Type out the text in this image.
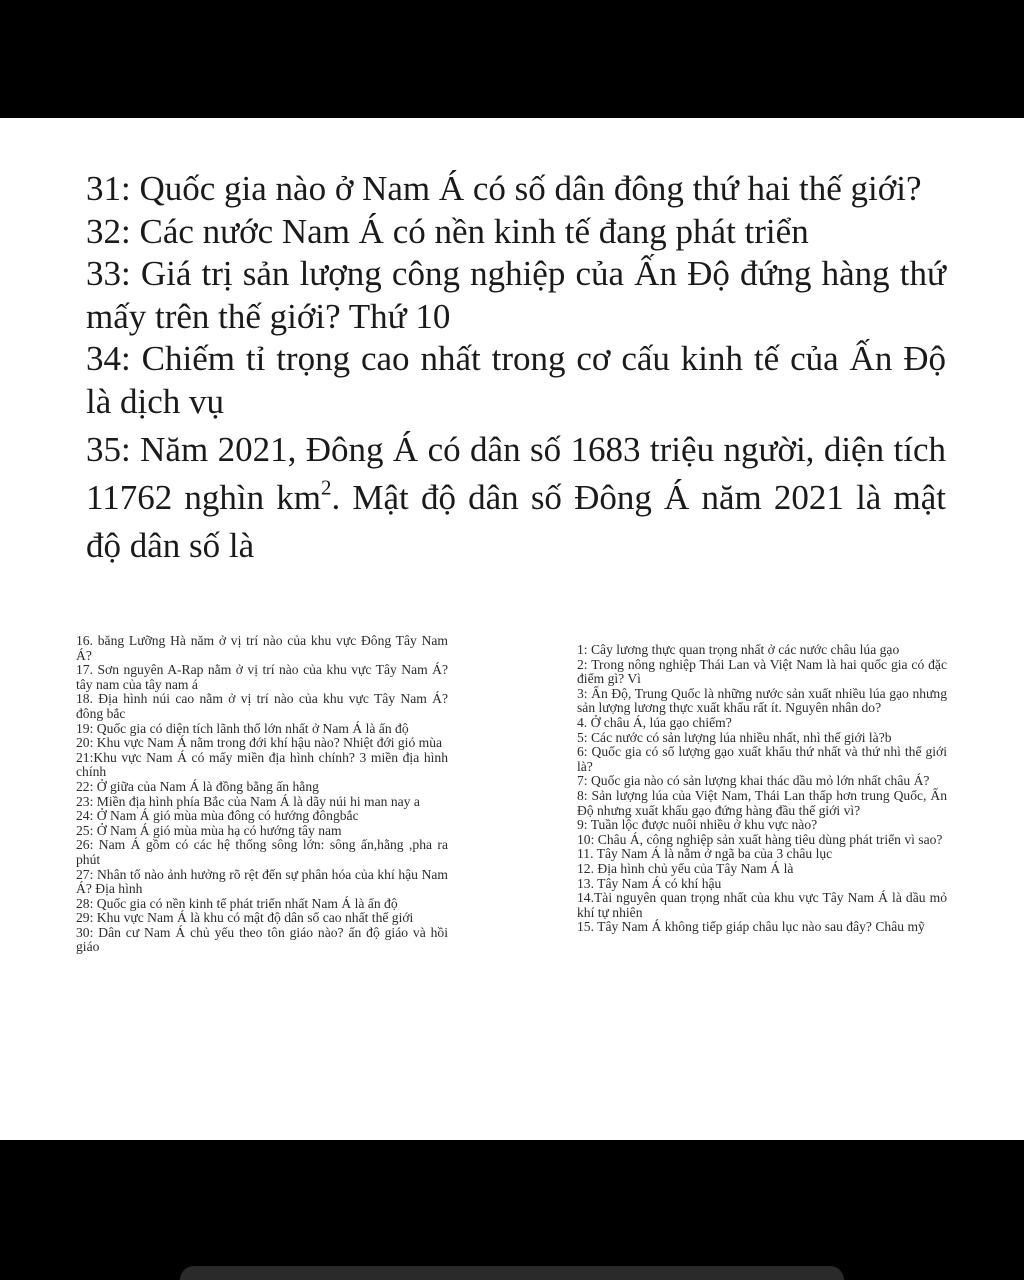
31: Quốc gia nào ở Nam Á có số dân đông thứ hai thế giới?

32: Các nước Nam Á có nền kinh tế đang phát triển

33: Giá trị sản lượng công nghiệp của Ấn Độ đứng hàng thứ mấy trên thế giới? Thứ 10

34: Chiếm tỉ trọng cao nhất trong cơ cấu kinh tế của Ấn Độ là dịch vụ

35: Năm 2021, Đông Á có dân số 1683 triệu người, diện tích 11762 nghìn $km^2$. Mật độ dân số Đông Á năm 2021 là mật độ dân số là

16. băng Lưỡng Hà năm ở vị trí nào của khu vực Đông Tây Nam Á?

17. Sơn nguyên A-Rap nằm ở vị trí nào của khu vực Tây Nam Á? tây nam của tây nam á

18. Địa hình núi cao nằm ở vị trí nào của khu vực Tây Nam Á? đông bắc

19: Quốc gia có diện tích lãnh thổ lớn nhất ở Nam Á là ấn độ

20: Khu vực Nam Á nằm trong đới khí hậu nào? Nhiệt đới gió mùa

21:Khu vực Nam Á có mấy miền địa hình chính? 3 miền địa hình chính

22: Ở giữa của Nam Á là đồng bằng ấn hằng

23: Miền địa hình phía Bắc của Nam Á là dãy núi hi man nay a

24: Ở Nam Á gió mùa mùa đông có hướng đôngbắc

25: Ở Nam Á gió mùa mùa hạ có hướng tây nam

26: Nam Á gồm có các hệ thống sông lớn: sông ấn,hằng ,pha ra phút

27: Nhân tố nào ảnh hưởng rõ rệt đến sự phân hóa của khí hậu Nam Á? Địa hình

28: Quốc gia có nền kinh tế phát triển nhất Nam Á là ấn độ

29: Khu vực Nam Á là khu có mật độ dân số cao nhất thế giới

30: Dân cư Nam Á chủ yếu theo tôn giáo nào? ấn độ giáo và hồi giáo

1: Cây lương thực quan trọng nhất ở các nước châu lúa gạo

2: Trong nông nghiệp Thái Lan và Việt Nam là hai quốc gia có đặc điểm gì? Vì

3: Ấn Độ, Trung Quốc là những nước sản xuất nhiều lúa gạo nhưng sản lượng lương thực xuất khẩu rất ít. Nguyên nhân do?

4. Ở châu Á, lúa gạo chiếm?

5: Các nước có sản lượng lúa nhiều nhất, nhì thế giới là?b

6: Quốc gia có số lượng gạo xuất khẩu thứ nhất và thứ nhì thế giới là?

7: Quốc gia nào có sản lượng khai thác dầu mỏ lớn nhất châu Á?

8: Sản lượng lúa của Việt Nam, Thái Lan thấp hơn trung Quốc, Ấn Độ nhưng xuất khẩu gạo đứng hàng đầu thế giới vì?

9: Tuần lộc được nuôi nhiều ở khu vực nào?

10: Châu Á, công nghiệp sản xuất hàng tiêu dùng phát triển vì sao?

11. Tây Nam Á là nằm ở ngã ba của 3 châu lục

12. Địa hình chủ yếu của Tây Nam Á là

13. Tây Nam Á có khí hậu

14.Tài nguyên quan trọng nhất của khu vực Tây Nam Á là dầu mỏ khí tự nhiên

15. Tây Nam Á không tiếp giáp châu lục nào sau đây? Châu mỹ
